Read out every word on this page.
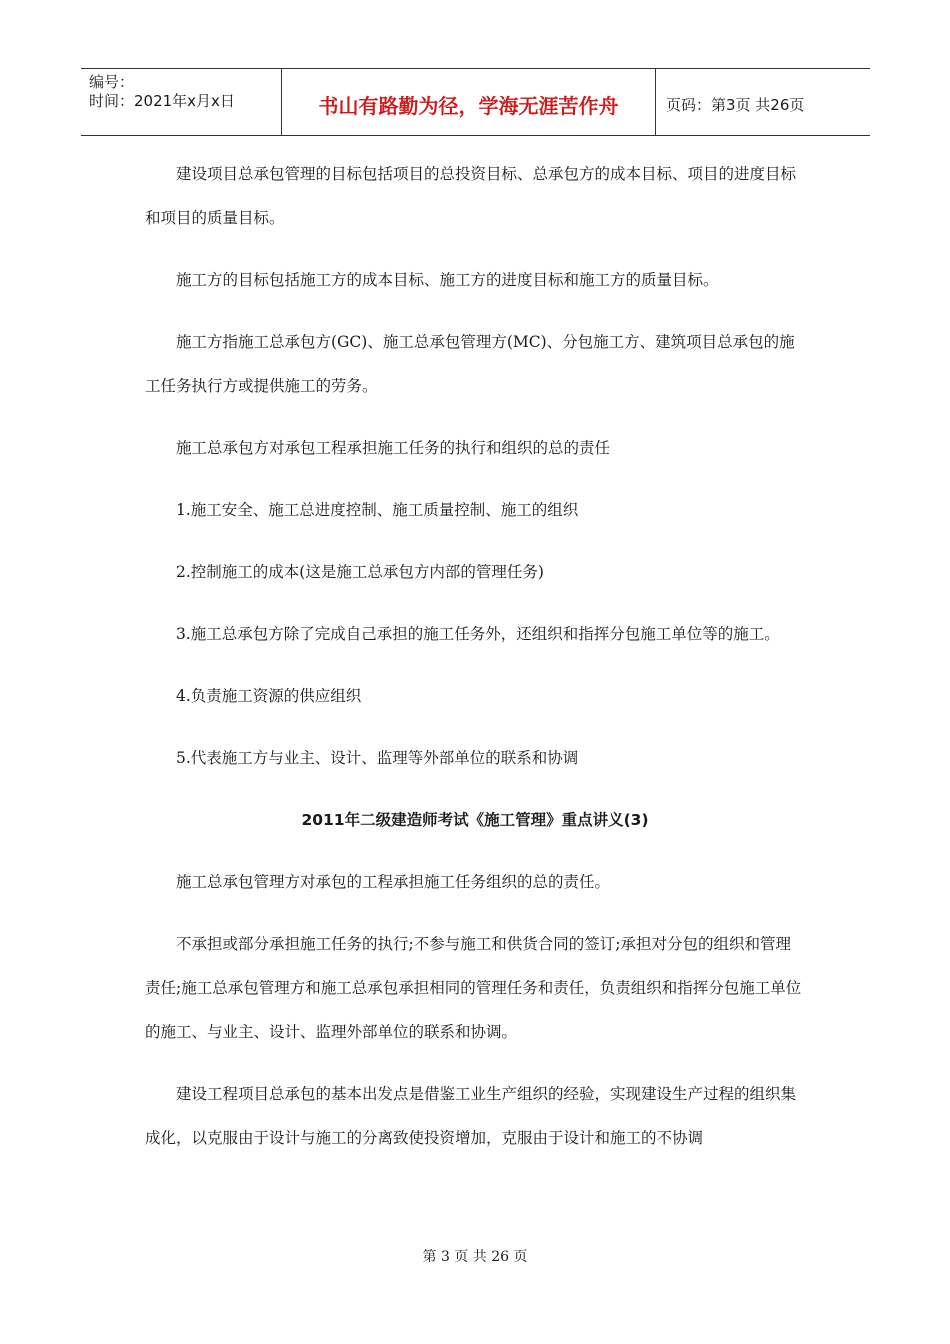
编号：
时间：2021年x月x日	书山有路勤为径，学海无涯苦作舟	页码：第3页 共26页

建设项目总承包管理的目标包括项目的总投资目标、总承包方的成本目标、项目的进度目标和项目的质量目标。

施工方的目标包括施工方的成本目标、施工方的进度目标和施工方的质量目标。

施工方指施工总承包方(GC)、施工总承包管理方(MC)、分包施工方、建筑项目总承包的施工任务执行方或提供施工的劳务。

施工总承包方对承包工程承担施工任务的执行和组织的总的责任

1.施工安全、施工总进度控制、施工质量控制、施工的组织

2.控制施工的成本(这是施工总承包方内部的管理任务)

3.施工总承包方除了完成自己承担的施工任务外，还组织和指挥分包施工单位等的施工。

4.负责施工资源的供应组织

5.代表施工方与业主、设计、监理等外部单位的联系和协调

2011年二级建造师考试《施工管理》重点讲义(3)

施工总承包管理方对承包的工程承担施工任务组织的总的责任。

不承担或部分承担施工任务的执行;不参与施工和供货合同的签订;承担对分包的组织和管理责任;施工总承包管理方和施工总承包承担相同的管理任务和责任，负责组织和指挥分包施工单位的施工、与业主、设计、监理外部单位的联系和协调。

建设工程项目总承包的基本出发点是借鉴工业生产组织的经验，实现建设生产过程的组织集成化，以克服由于设计与施工的分离致使投资增加，克服由于设计和施工的不协调

第 3 页 共 26 页
